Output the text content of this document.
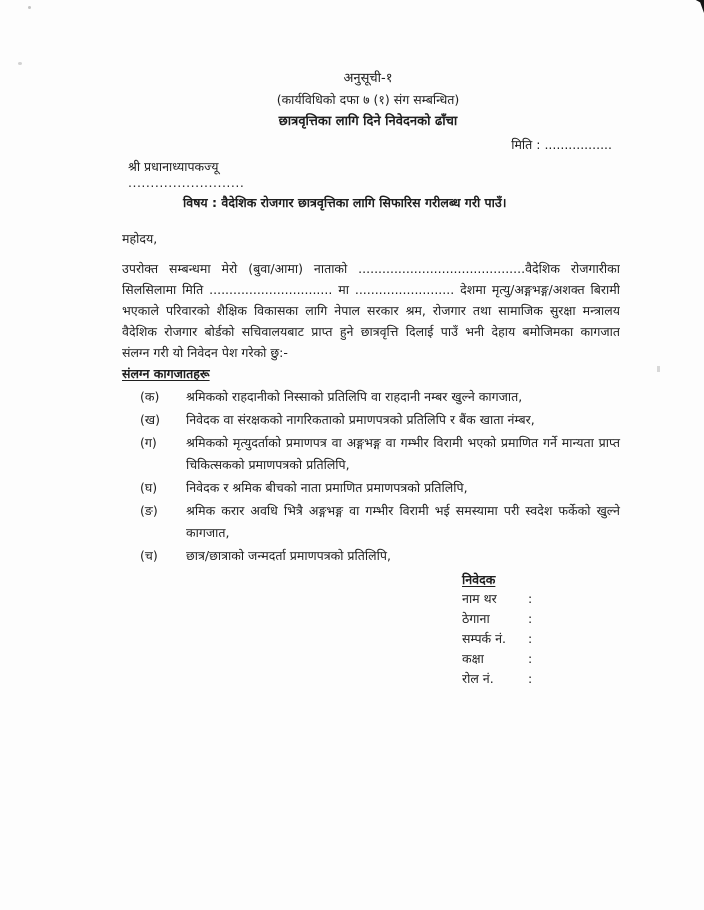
अनुसूची-१
(कार्यविधिको दफा ७ (१) संग सम्बन्धित)
छात्रवृत्तिका लागि दिने निवेदनको ढाँचा
मिति : .................
श्री प्रधानाध्यापकज्यू
..........................
विषय : वैदेशिक रोजगार छात्रवृत्तिका लागि सिफारिस गरीलब्ध गरी पाउँ।
महोदय,
उपरोक्त सम्बन्धमा मेरो (बुवा/आमा) नाताको ..........................................वैदेशिक रोजगारीका
सिलसिलामा मिति ............................... मा ......................... देशमा मृत्यु/अङ्गभङ्ग/अशक्त बिरामी
भएकाले परिवारको शैक्षिक विकासका लागि नेपाल सरकार श्रम, रोजगार तथा सामाजिक सुरक्षा मन्त्रालय
वैदेशिक रोजगार बोर्डको सचिवालयबाट प्राप्त हुने छात्रवृत्ति दिलाई पाउँ भनी देहाय बमोजिमका कागजात
संलग्न गरी यो निवेदन पेश गरेको छु:-
संलग्न कागजातहरू
(क)	श्रमिकको राहदानीको निस्साको प्रतिलिपि वा राहदानी नम्बर खुल्ने कागजात,
(ख)	निवेदक वा संरक्षकको नागरिकताको प्रमाणपत्रको प्रतिलिपि र बैंक खाता नंम्बर,
(ग)	श्रमिकको मृत्युदर्ताको प्रमाणपत्र वा अङ्गभङ्ग वा गम्भीर विरामी भएको प्रमाणित गर्ने मान्यता प्राप्त चिकित्सकको प्रमाणपत्रको प्रतिलिपि,
(घ)	निवेदक र श्रमिक बीचको नाता प्रमाणित प्रमाणपत्रको प्रतिलिपि,
(ङ)	श्रमिक करार अवधि भित्रै अङ्गभङ्ग वा गम्भीर विरामी भई समस्यामा परी स्वदेश फर्केको खुल्ने कागजात,
(च)	छात्र/छात्राको जन्मदर्ता प्रमाणपत्रको प्रतिलिपि,
निवेदक
नाम थर	:
ठेगाना	:
सम्पर्क नं.	:
कक्षा	:
रोल नं.	:
